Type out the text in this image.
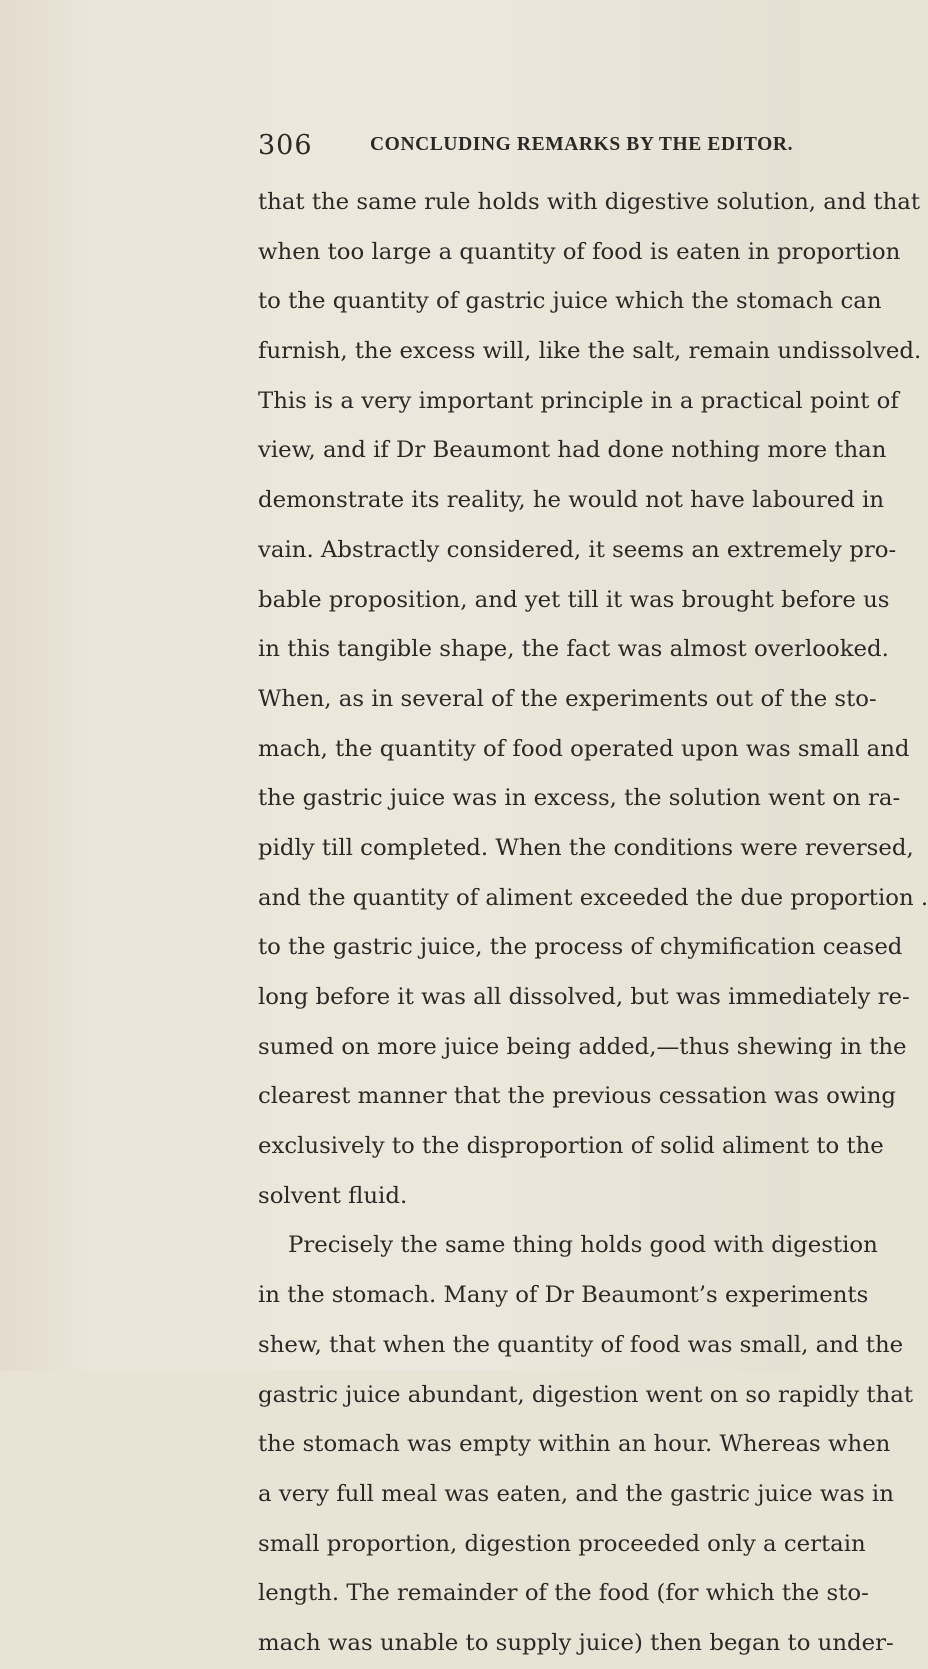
306	CONCLUDING REMARKS BY THE EDITOR.
that the same rule holds with digestive solution, and that
when too large a quantity of food is eaten in proportion
to the quantity of gastric juice which the stomach can
furnish, the excess will, like the salt, remain undissolved.
This is a very important principle in a practical point of
view, and if Dr Beaumont had done nothing more than
demonstrate its reality, he would not have laboured in
vain. Abstractly considered, it seems an extremely pro-
bable proposition, and yet till it was brought before us
in this tangible shape, the fact was almost overlooked.
When, as in several of the experiments out of the sto-
mach, the quantity of food operated upon was small and
the gastric juice was in excess, the solution went on ra-
pidly till completed. When the conditions were reversed,
and the quantity of aliment exceeded the due proportion .
to the gastric juice, the process of chymification ceased
long before it was all dissolved, but was immediately re-
sumed on more juice being added,—thus shewing in the
clearest manner that the previous cessation was owing
exclusively to the disproportion of solid aliment to the
solvent fluid.
Precisely the same thing holds good with digestion
in the stomach. Many of Dr Beaumont’s experiments
shew, that when the quantity of food was small, and the
gastric juice abundant, digestion went on so rapidly that
the stomach was empty within an hour. Whereas when
a very full meal was eaten, and the gastric juice was in
small proportion, digestion proceeded only a certain
length. The remainder of the food (for which the sto-
mach was unable to supply juice) then began to under-
